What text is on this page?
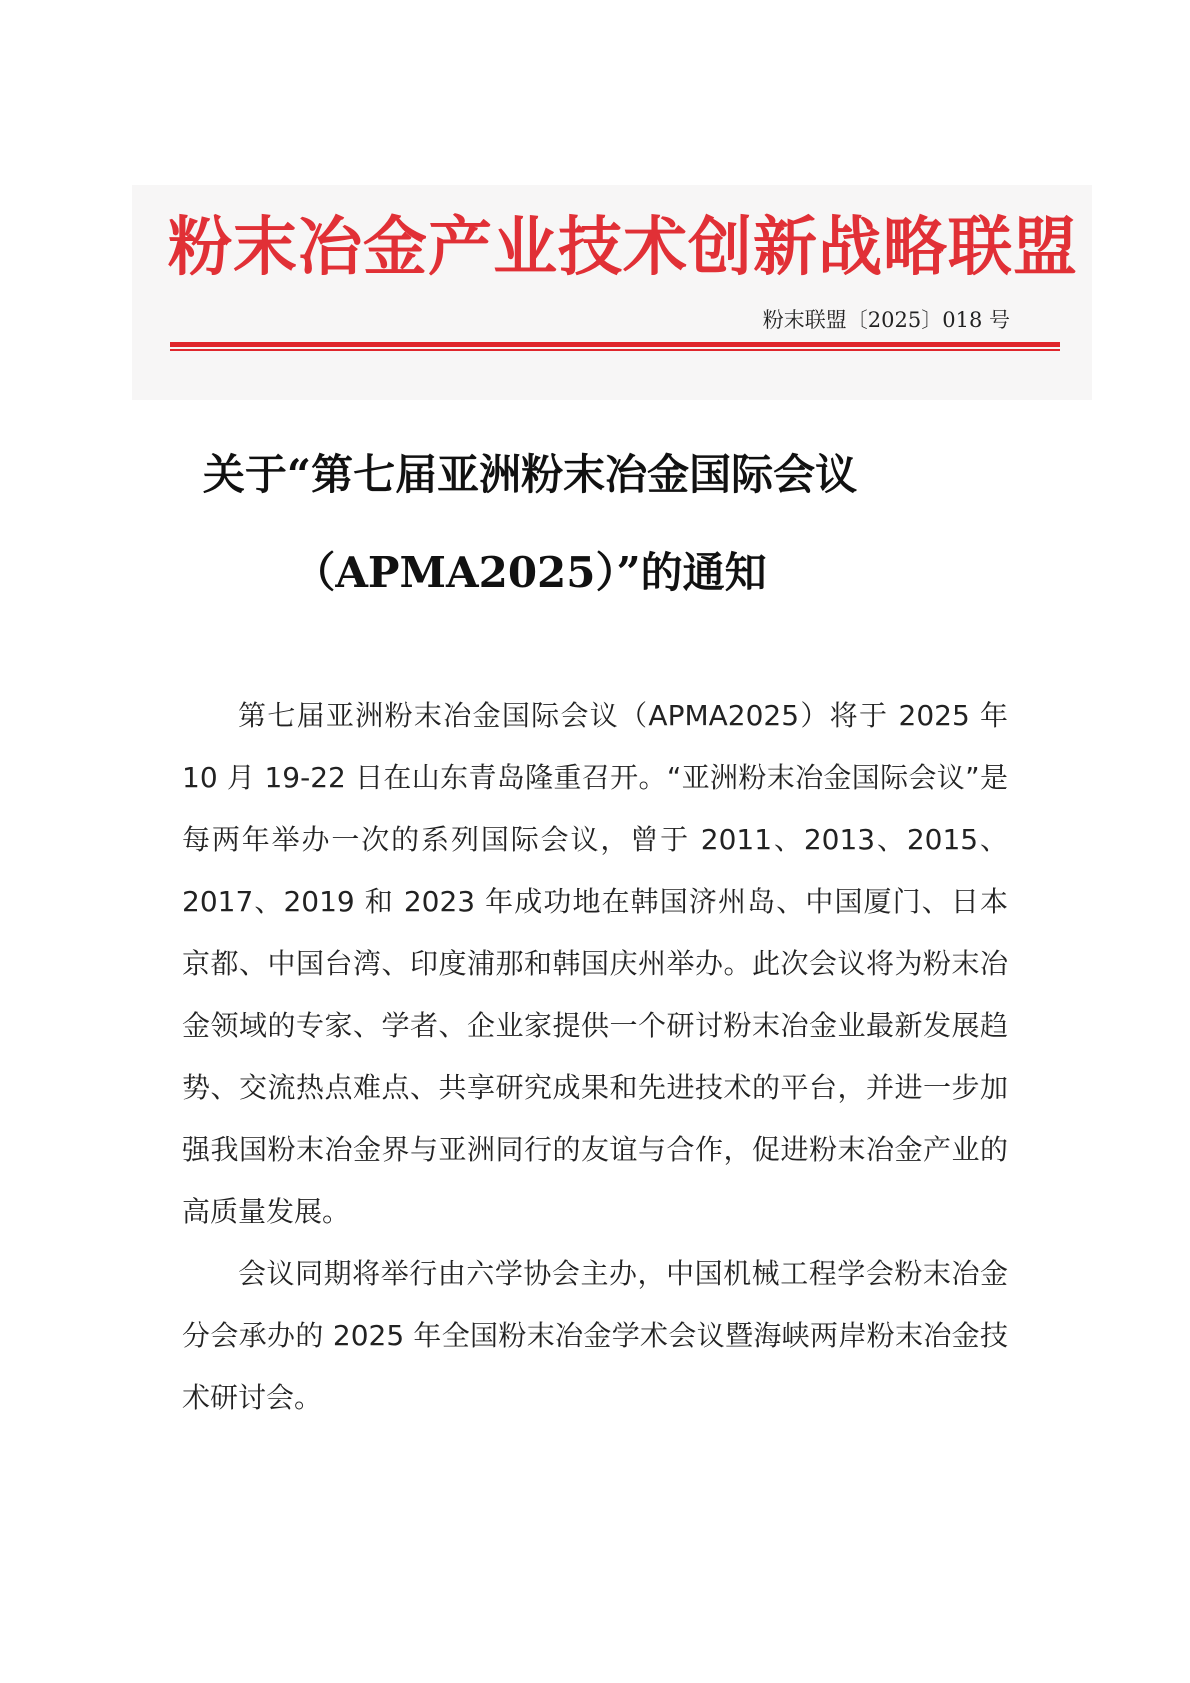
粉末冶金产业技术创新战略联盟
粉末联盟〔2025〕018 号
关于“第七届亚洲粉末冶金国际会议
（APMA2025）”的通知

第七届亚洲粉末冶金国际会议（APMA2025）将于 2025 年 10 月 19-22 日在山东青岛隆重召开。“亚洲粉末冶金国际会议”是每两年举办一次的系列国际会议，曾于 2011、2013、2015、2017、2019 和 2023 年成功地在韩国济州岛、中国厦门、日本京都、中国台湾、印度浦那和韩国庆州举办。此次会议将为粉末冶金领域的专家、学者、企业家提供一个研讨粉末冶金业最新发展趋势、交流热点难点、共享研究成果和先进技术的平台，并进一步加强我国粉末冶金界与亚洲同行的友谊与合作，促进粉末冶金产业的高质量发展。

会议同期将举行由六学协会主办，中国机械工程学会粉末冶金分会承办的 2025 年全国粉末冶金学术会议暨海峡两岸粉末冶金技术研讨会。
